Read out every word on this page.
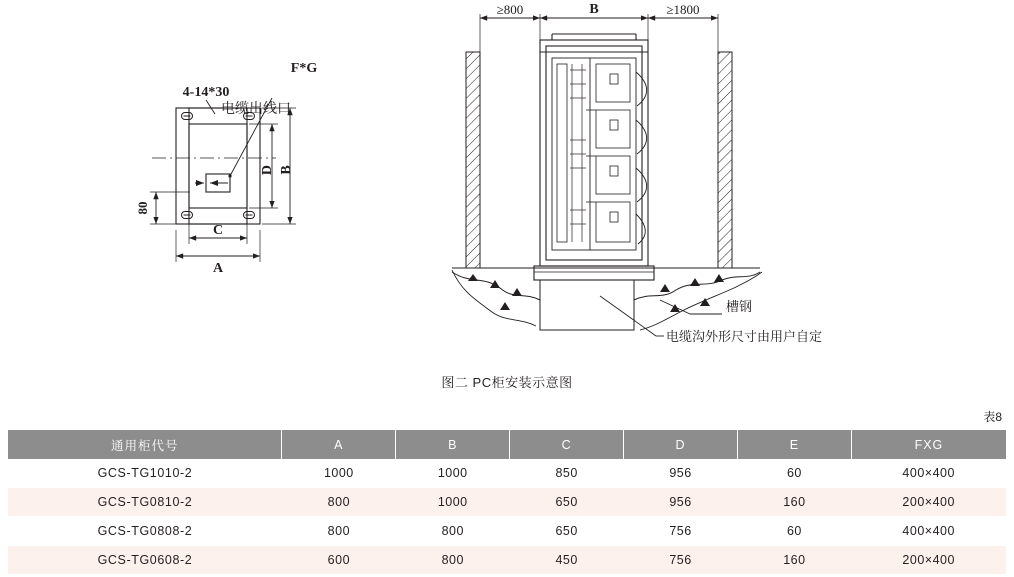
4-14*30
电缆出线口
F*G
A
C
B
D
80
≥800	B	≥1800
槽钢
电缆沟外形尺寸由用户自定
图二 PC柜安装示意图
表8
通用柜代号	A	B	C	D	E	FXG
GCS-TG1010-2	1000	1000	850	956	60	400×400
GCS-TG0810-2	800	1000	650	956	160	200×400
GCS-TG0808-2	800	800	650	756	60	400×400
GCS-TG0608-2	600	800	450	756	160	200×400
